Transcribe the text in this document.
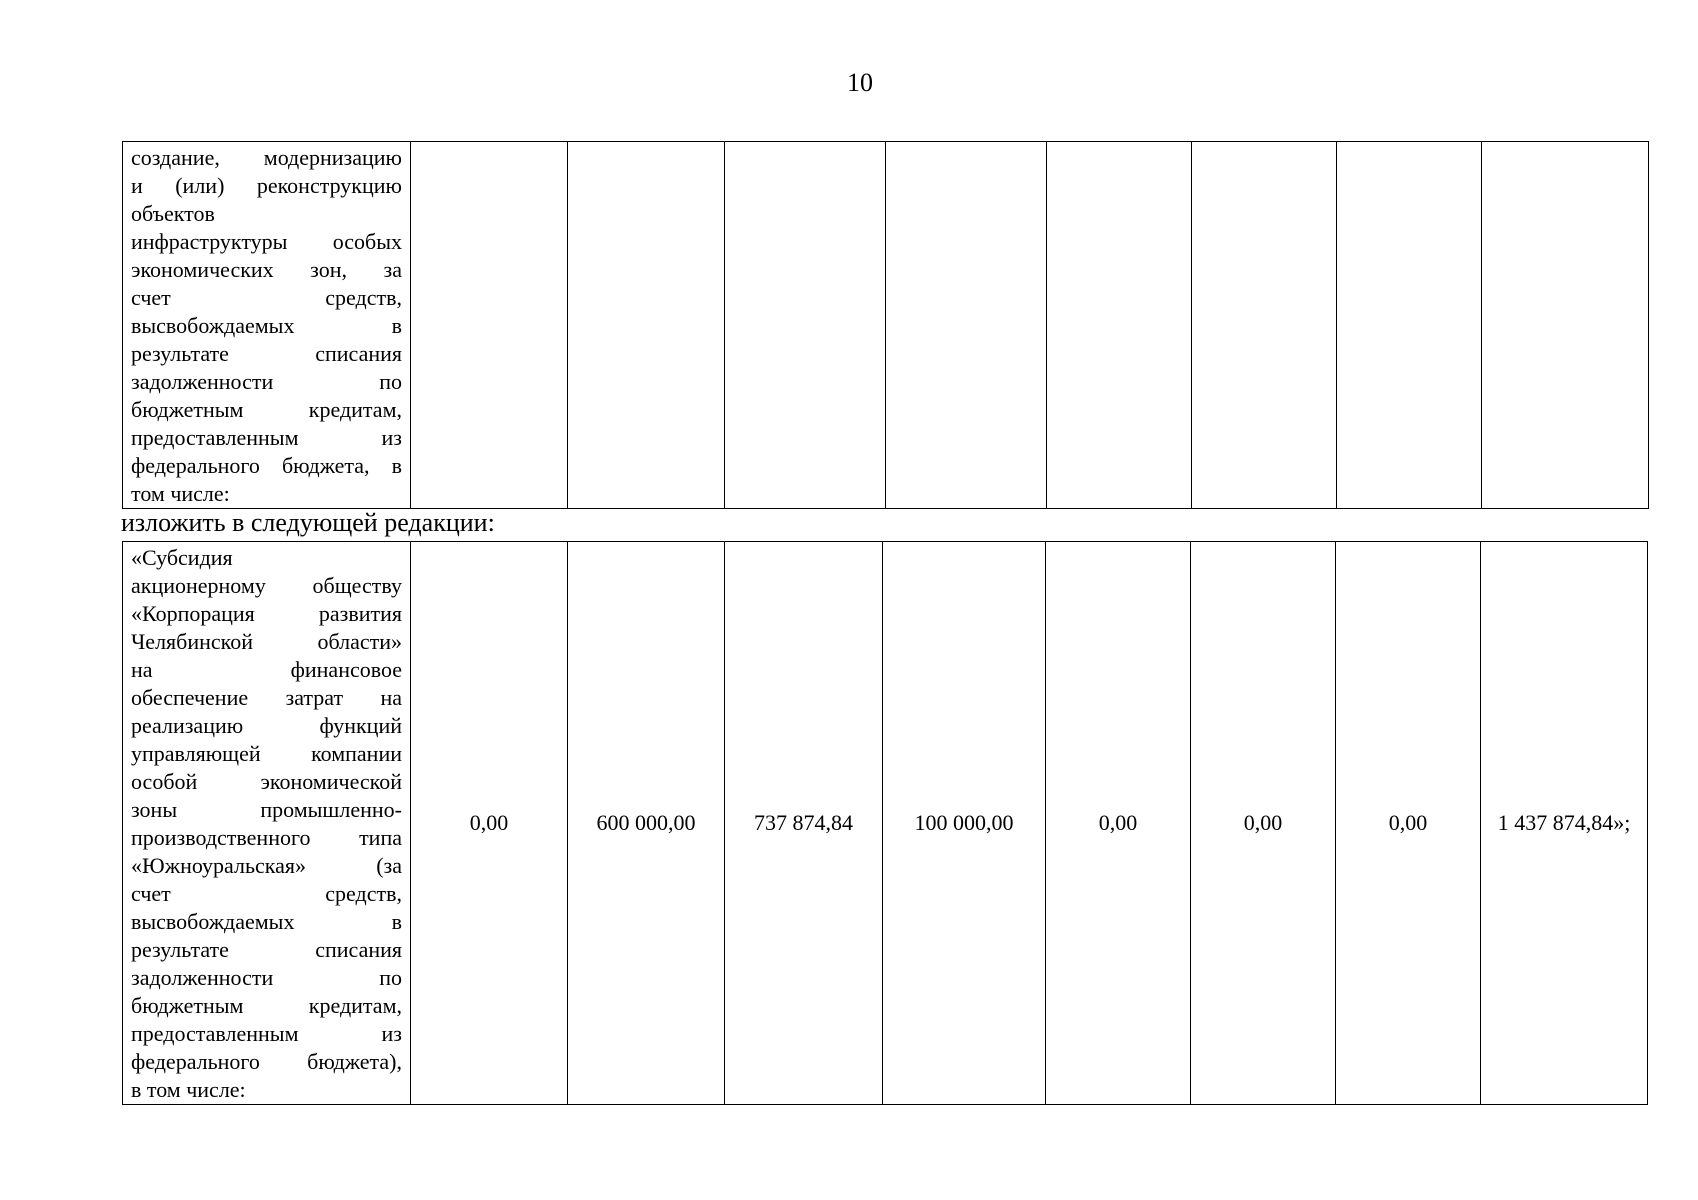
10
создание, модернизацию
и (или) реконструкцию
объектов
инфраструктуры особых
экономических зон, за
счет	средств,
высвобождаемых	в
результате	списания
задолженности	по
бюджетным	кредитам,
предоставленным	из
федерального бюджета, в
том числе:

изложить в следующей редакции:
«Субсидия
акционерному обществу
«Корпорация	развития
Челябинской	области»
на	финансовое
обеспечение затрат на
реализацию	функций
управляющей компании
особой	экономической
зоны	промышленно-
производственного типа
«Южноуральская»	(за
счет	средств,
высвобождаемых	в
результате	списания
задолженности	по
бюджетным	кредитам,
предоставленным	из
федерального бюджета),
в том числе:
	0,00	600 000,00	737 874,84	100 000,00	0,00	0,00	0,00	1 437 874,84»;
